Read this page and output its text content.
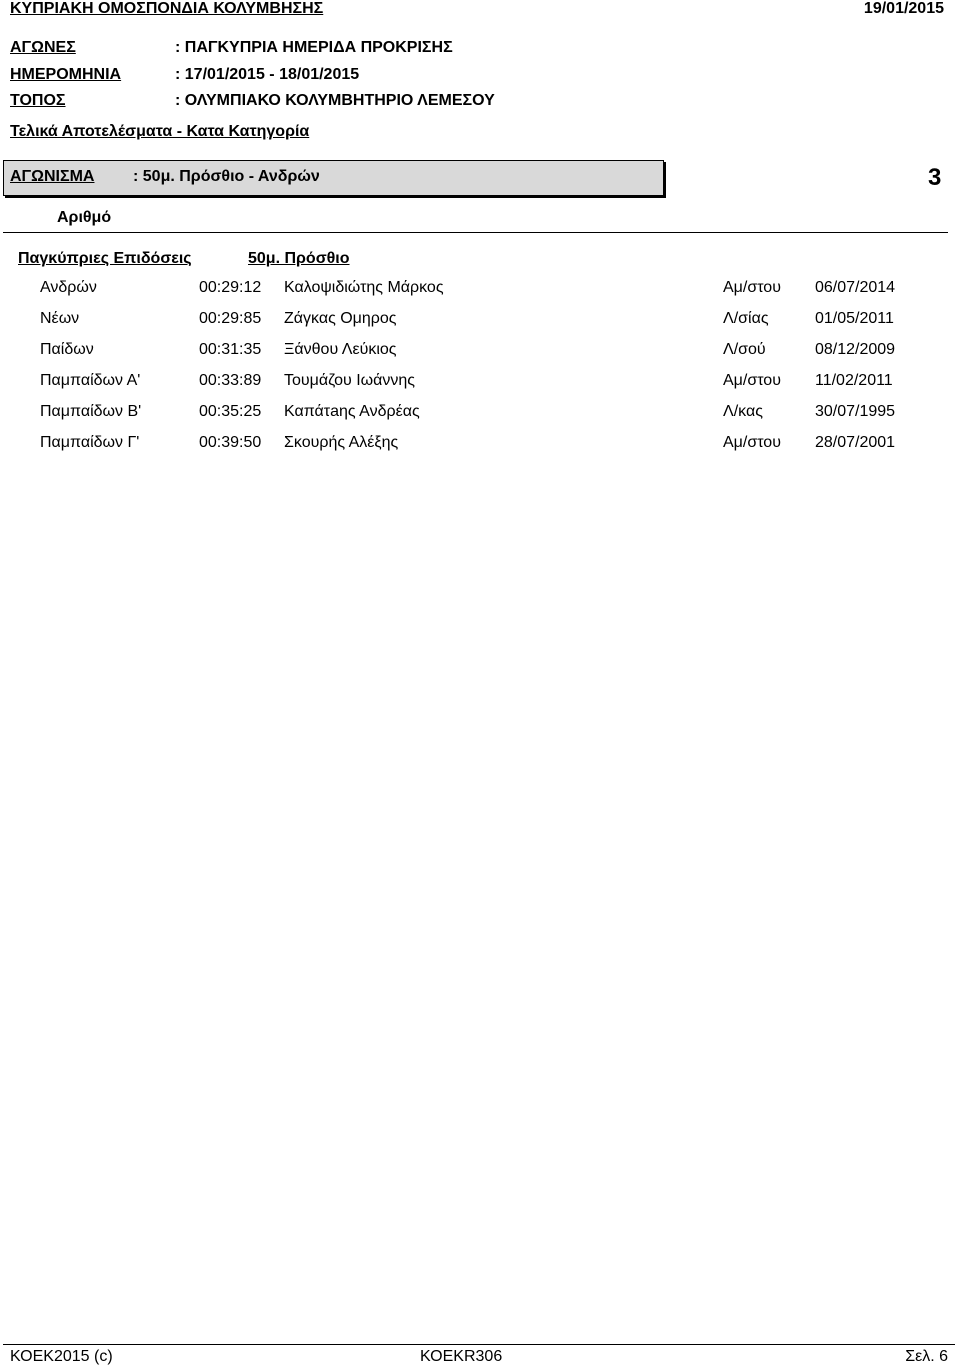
ΚΥΠΡΙΑΚΗ ΟΜΟΣΠΟΝΔΙΑ ΚΟΛΥΜΒΗΣΗΣ	19/01/2015
ΑΓΩΝΕΣ	: ΠΑΓΚΥΠΡΙΑ ΗΜΕΡΙΔΑ ΠΡΟΚΡΙΣΗΣ
ΗΜΕΡΟΜΗΝΙΑ	: 17/01/2015 - 18/01/2015
ΤΟΠΟΣ	: ΟΛΥΜΠΙΑΚΟ ΚΟΛΥΜΒΗΤΗΡΙΟ ΛΕΜΕΣΟΥ
Τελικά Αποτελέσματα - Κατα Κατηγορία
ΑΓΩΝΙΣΜΑ : 50μ. Πρόσθιο - Ανδρών	3
Αριθμό
Παγκύπριες Επιδόσεις	50μ. Πρόσθιο
Ανδρών	00:29:12 Καλοψιδιώτης Μάρκος	Αμ/στου 06/07/2014
Νέων	00:29:85 Ζάγκας Ομηρος	Λ/σίας	01/05/2011
Παίδων	00:31:35 Ξάνθου Λεύκιος	Λ/σού	08/12/2009
Παμπαίδων Α'	00:33:89 Τουμάζου Ιωάννης	Αμ/στου 11/02/2011
Παμπαίδων Β'	00:35:25 Καπάτaης Ανδρέας	Λ/κας	30/07/1995
Παμπαίδων Γ'	00:39:50 Σκουρής Αλέξης	Αμ/στου 28/07/2001
ΚΟΕΚ2015 (c)	ΚΟΕΚR306	Σελ. 6
